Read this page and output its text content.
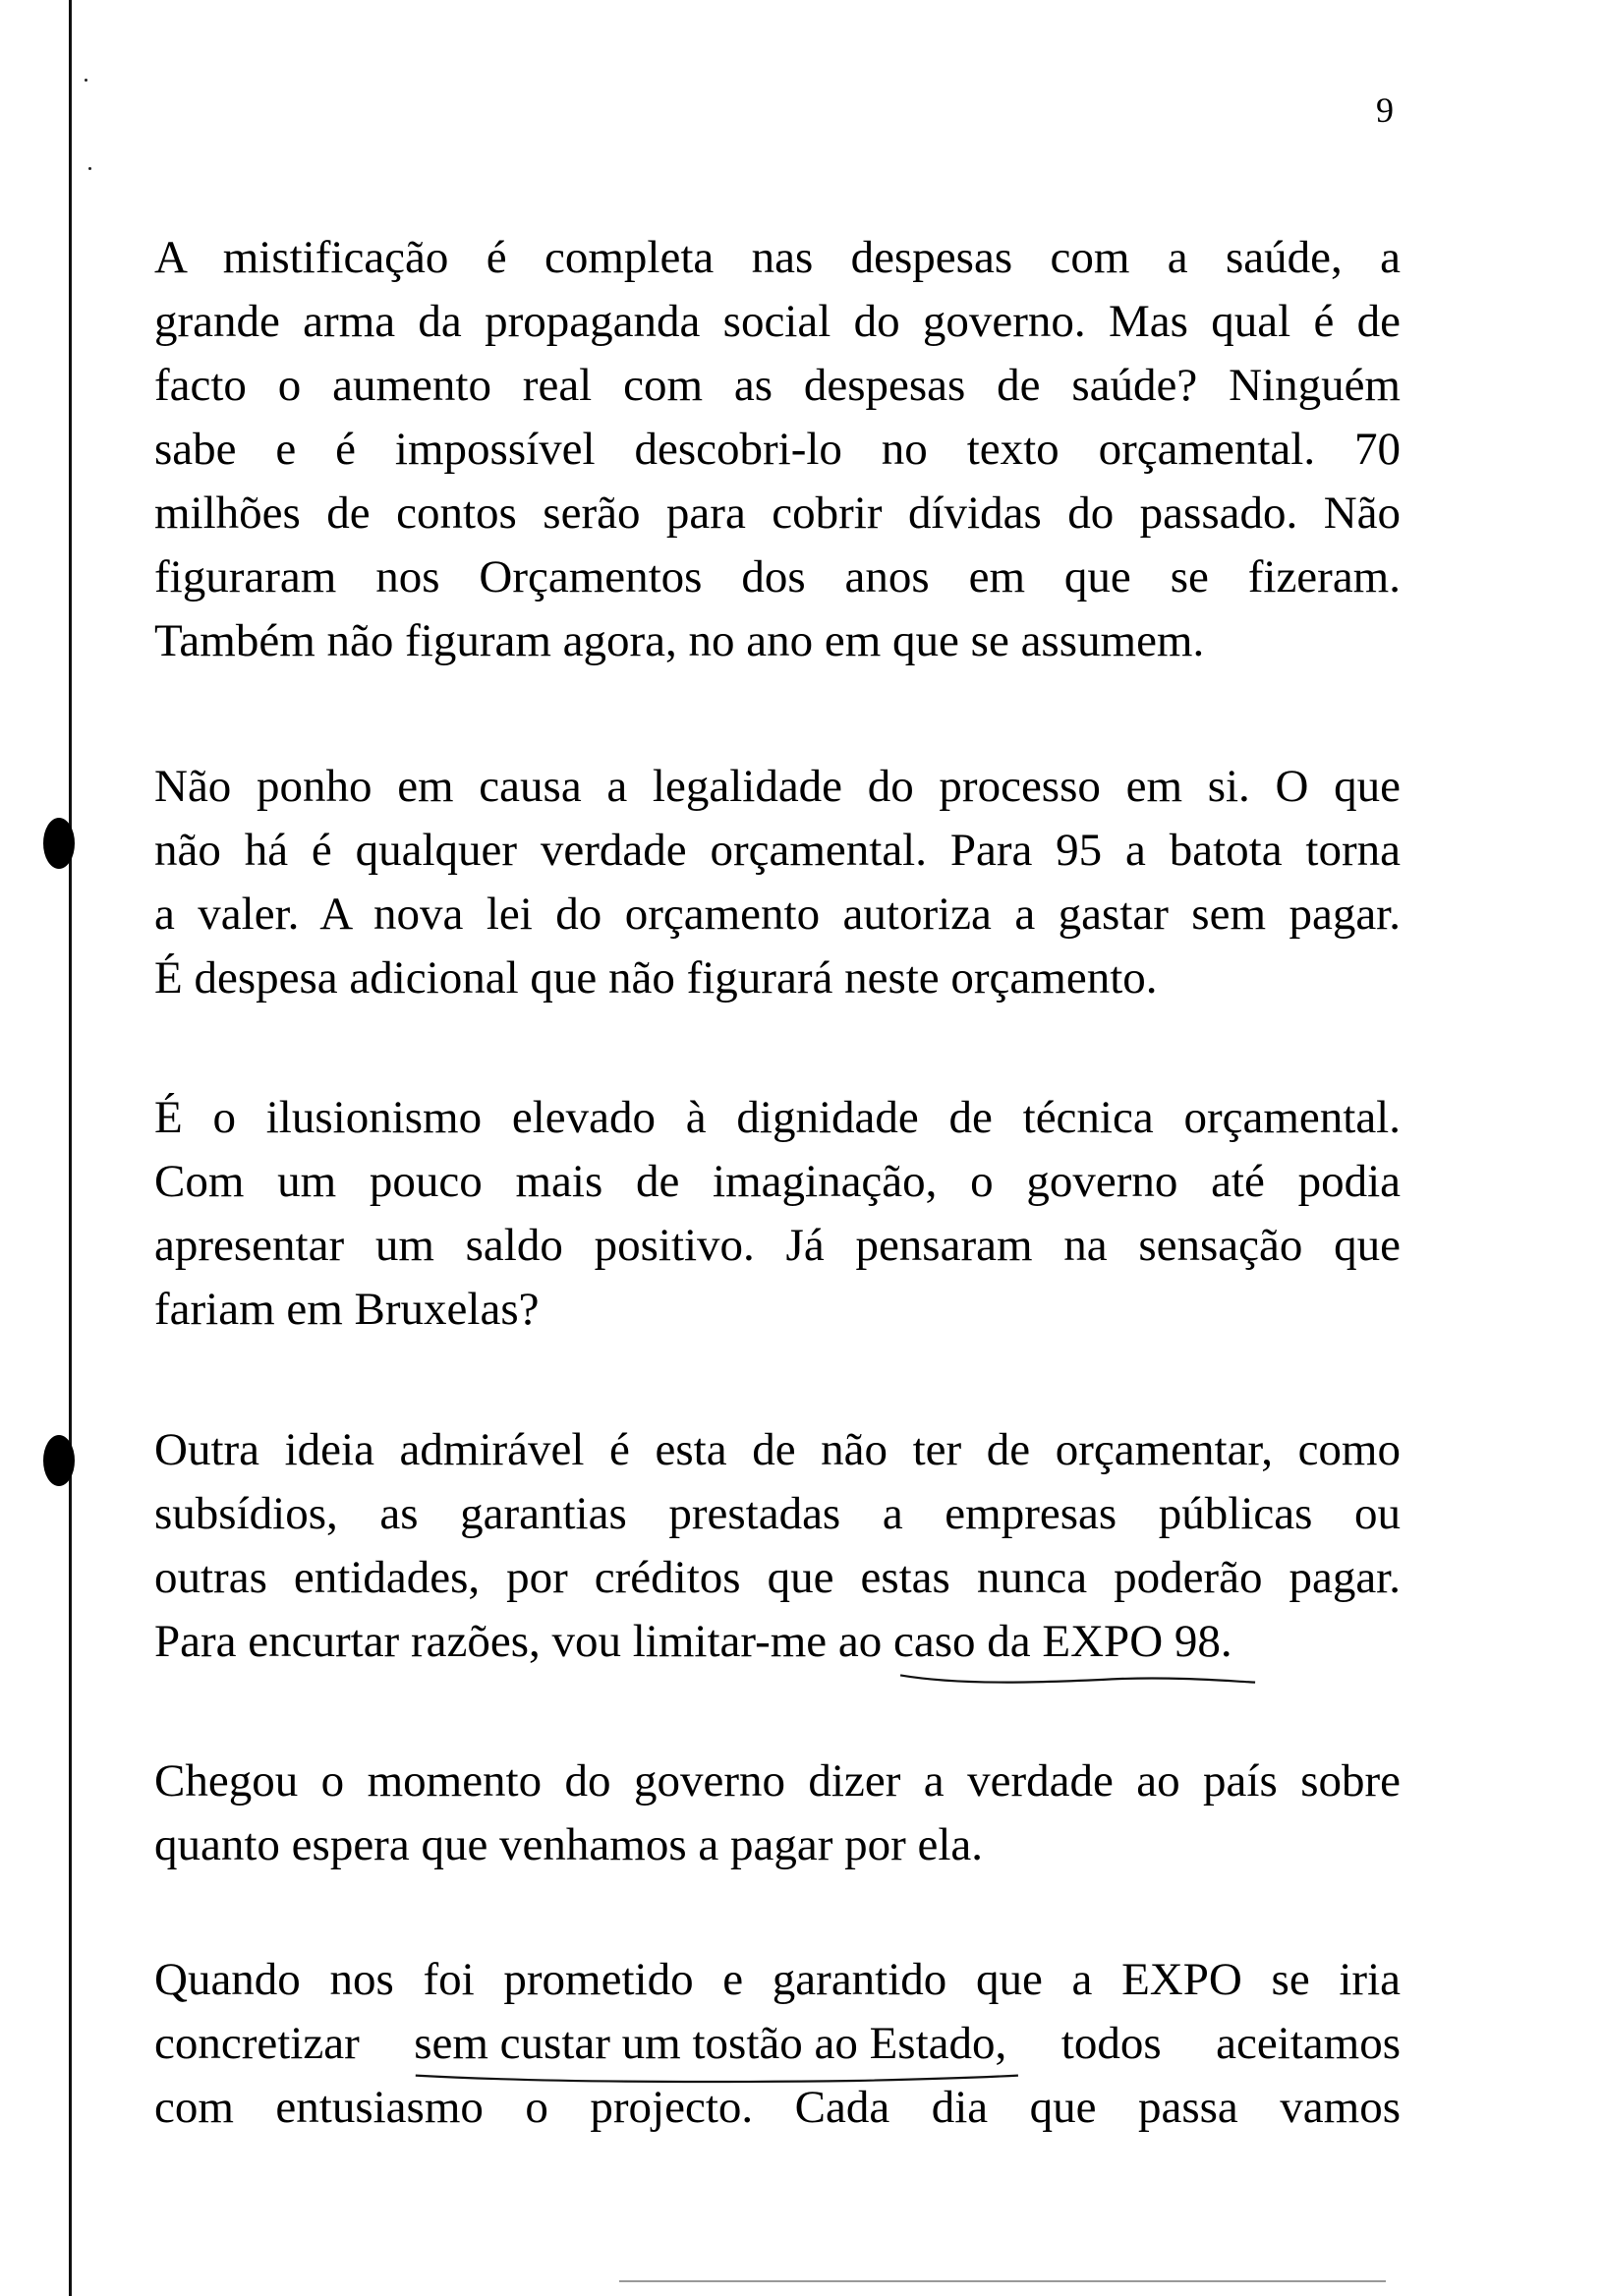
9
A mistificação é completa nas despesas com a saúde, a
grande arma da propaganda social do governo. Mas qual é de
facto o aumento real com as despesas de saúde? Ninguém
sabe e é impossível descobri-lo no texto orçamental. 70
milhões de contos serão para cobrir dívidas do passado. Não
figuraram nos Orçamentos dos anos em que se fizeram.
Também não figuram agora, no ano em que se assumem.
Não ponho em causa a legalidade do processo em si. O que
não há é qualquer verdade orçamental. Para 95 a batota torna
a valer. A nova lei do orçamento autoriza a gastar sem pagar.
É despesa adicional que não figurará neste orçamento.
É o ilusionismo elevado à dignidade de técnica orçamental.
Com um pouco mais de imaginação, o governo até podia
apresentar um saldo positivo. Já pensaram na sensação que
fariam em Bruxelas?
Outra ideia admirável é esta de não ter de orçamentar, como
subsídios, as garantias prestadas a empresas públicas ou
outras entidades, por créditos que estas nunca poderão pagar.
Para encurtar razões, vou limitar-me ao caso da EXPO 98
.
Chegou o momento do governo dizer a verdade ao país sobre
quanto espera que venhamos a pagar por ela.
Quando nos foi prometido e garantido que a EXPO se iria
concretizar sem custar um tostão ao Estado
, todos aceitamos
com entusiasmo o projecto. Cada dia que passa vamos
